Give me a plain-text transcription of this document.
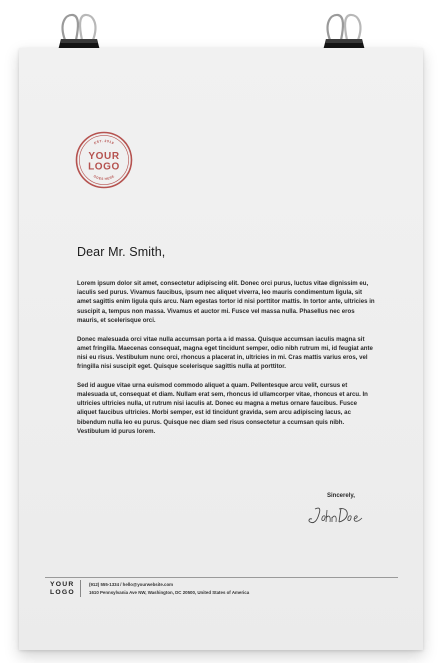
EST. 2019
YOUR
LOGO
GOES HERE
Dear Mr. Smith,

Lorem ipsum dolor sit amet, consectetur adipiscing elit. Donec orci purus, luctus vitae dignissim eu, iaculis sed purus. Vivamus faucibus, ipsum nec aliquet viverra, leo mauris condimentum ligula, sit amet sagittis enim ligula quis arcu. Nam egestas tortor id nisi porttitor mattis. In tortor ante, ultricies in suscipit a, tempus non massa. Vivamus et auctor mi. Fusce vel massa nulla. Phasellus nec eros mauris, et scelerisque orci.

Donec malesuada orci vitae nulla accumsan porta a id massa. Quisque accumsan iaculis magna sit amet fringilla. Maecenas consequat, magna eget tincidunt semper, odio nibh rutrum mi, id feugiat ante nisi eu risus. Vestibulum nunc orci, rhoncus a placerat in, ultricies in mi. Cras mattis varius eros, vel fringilla nisi suscipit eget. Quisque scelerisque sagittis nulla at porttitor.

Sed id augue vitae urna euismod commodo aliquet a quam. Pellentesque arcu velit, cursus et malesuada ut, consequat et diam. Nullam erat sem, rhoncus id ullamcorper vitae, rhoncus et arcu. In ultricies ultricies nulla, ut rutrum nisi iaculis at. Donec eu magna a metus ornare faucibus. Fusce aliquet faucibus ultricies. Morbi semper, est id tincidunt gravida, sem arcu adipiscing lacus, ac bibendum nulla leo eu purus. Quisque nec diam sed risus consectetur a ccumsan quis nibh. Vestibulum id purus lorem.

Sincerely,
YOUR
LOGO
(912) 555-1334 / hello@yourwebsite.com
1610 Pennsylvania Ave NW, Washington, DC 20500, United States of America
